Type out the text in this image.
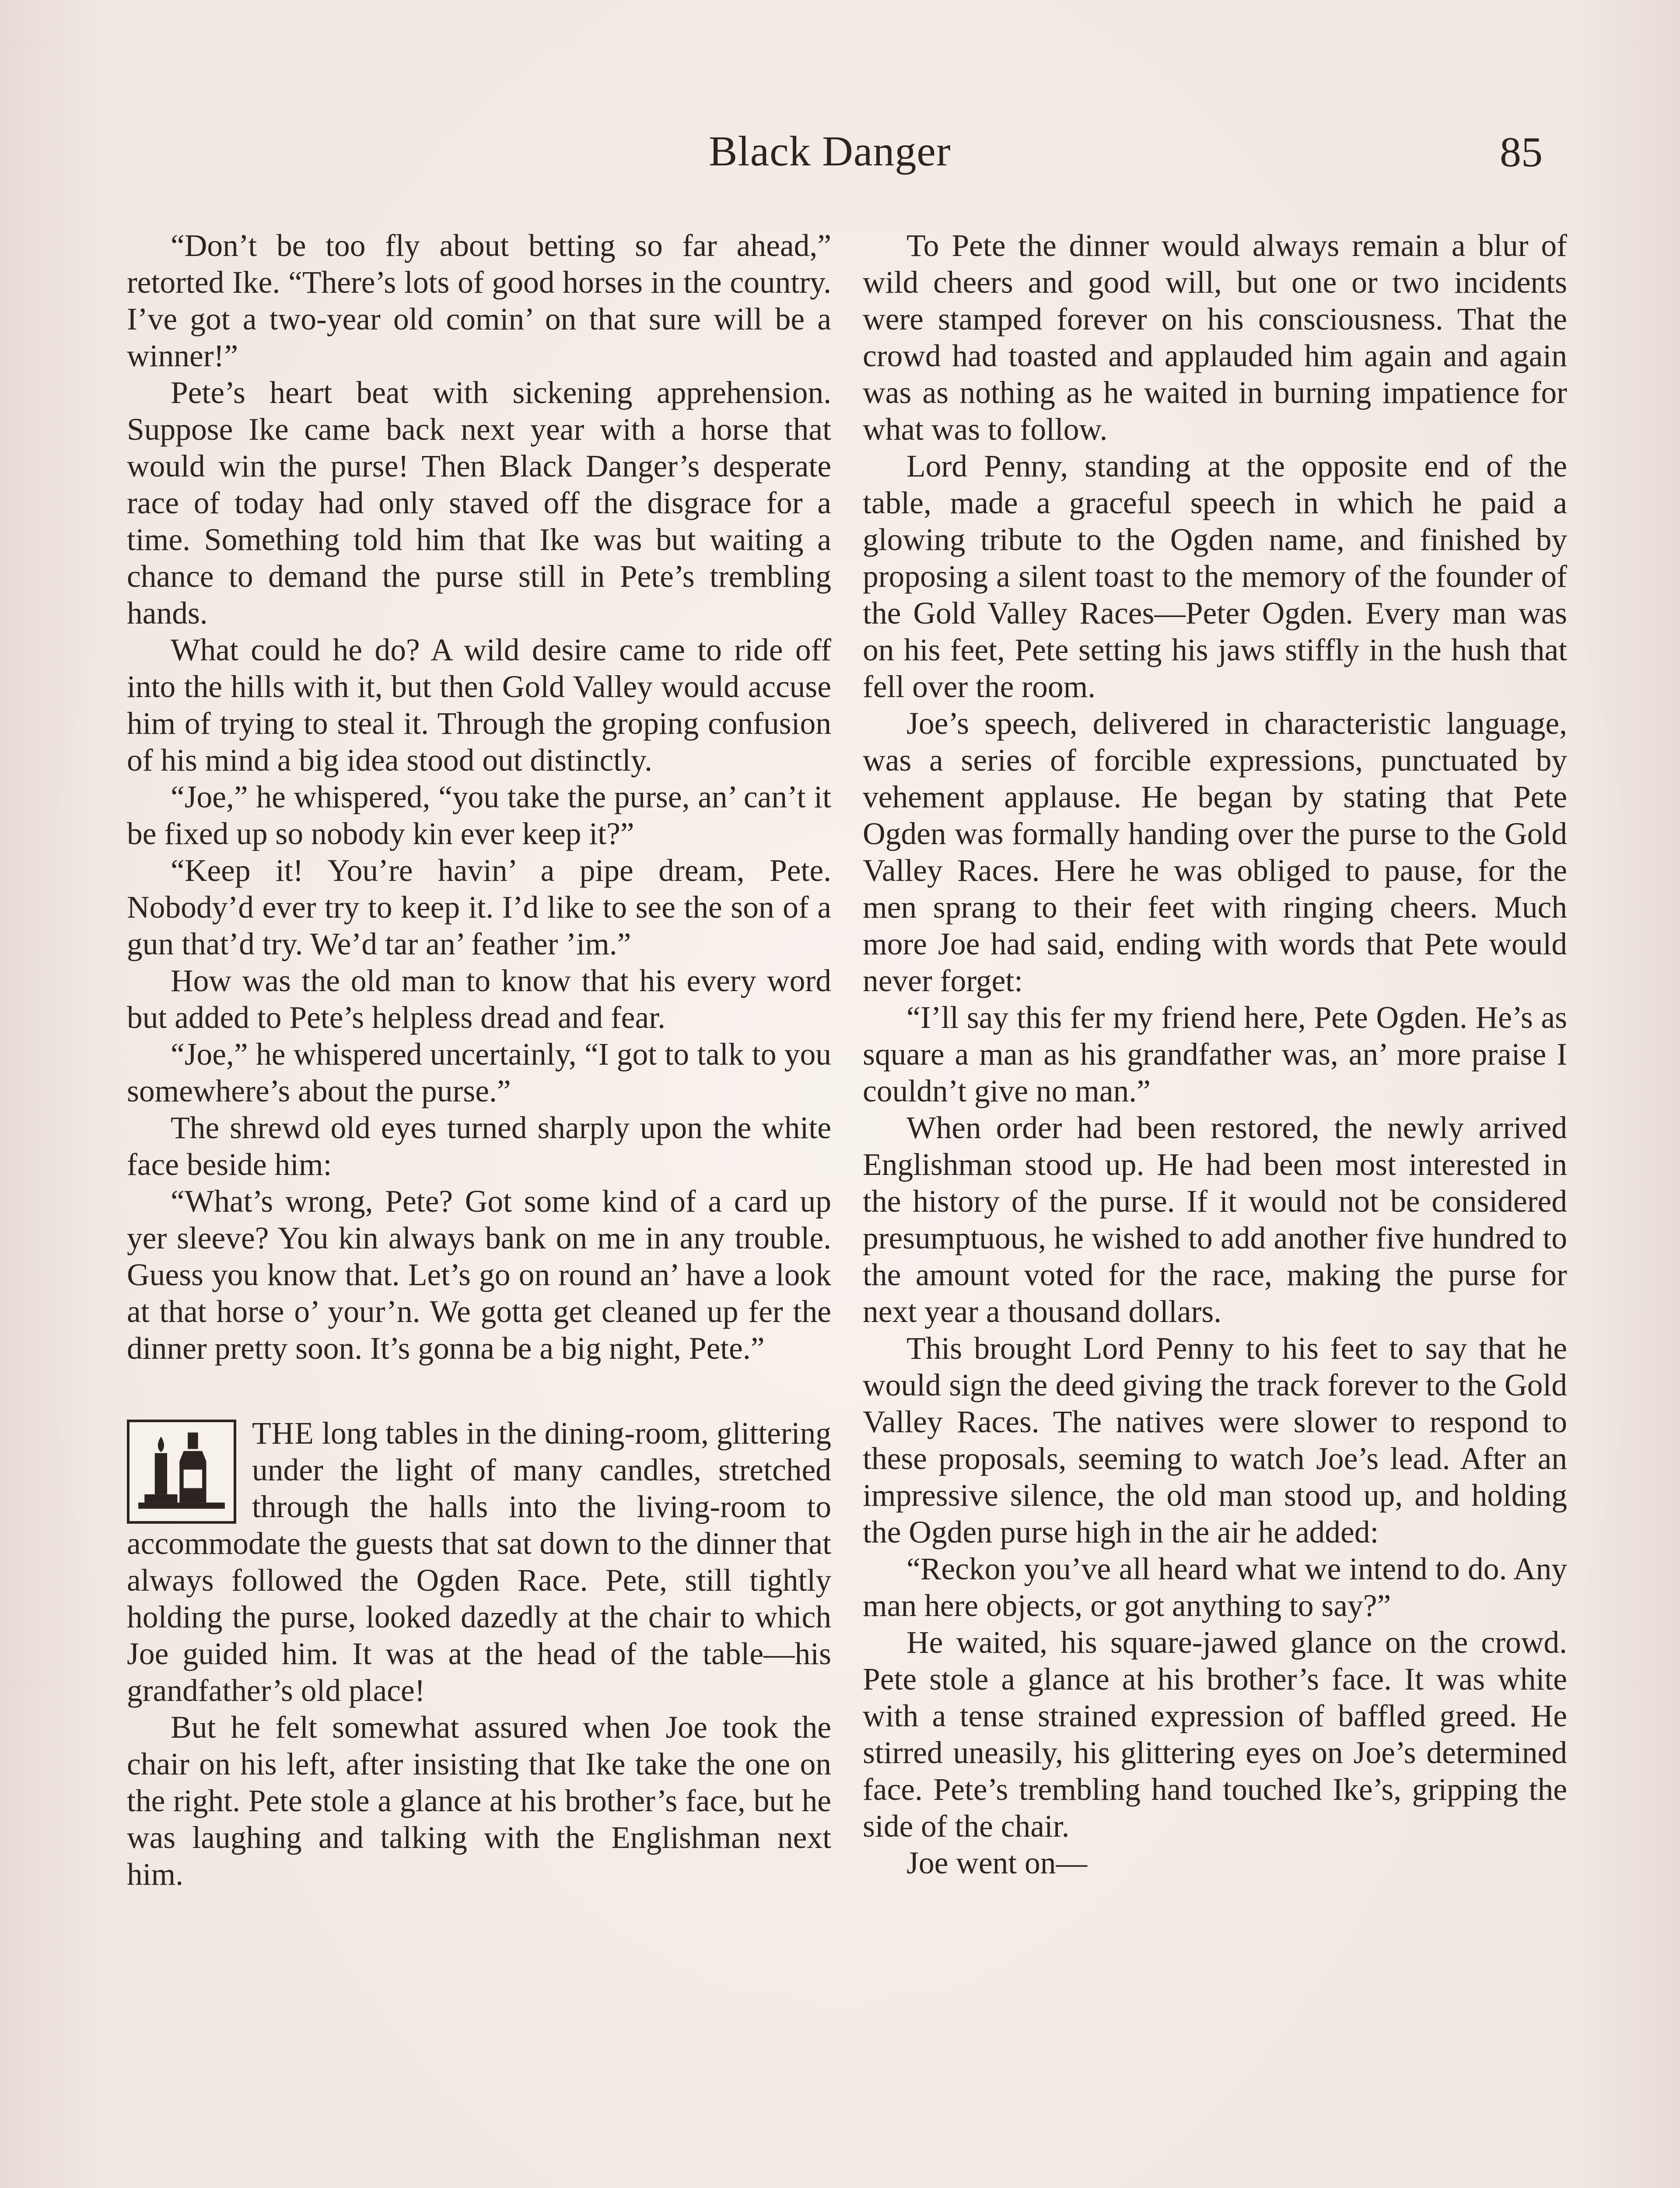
Black Danger	85

“Don’t be too fly about betting so far ahead,” retorted Ike. “There’s lots of good horses in the country. I’ve got a two-year old comin’ on that sure will be a winner!”

Pete’s heart beat with sickening apprehension. Suppose Ike came back next year with a horse that would win the purse! Then Black Danger’s desperate race of today had only staved off the disgrace for a time. Something told him that Ike was but waiting a chance to demand the purse still in Pete’s trembling hands.

What could he do? A wild desire came to ride off into the hills with it, but then Gold Valley would accuse him of trying to steal it. Through the groping confusion of his mind a big idea stood out distinctly.

“Joe,” he whispered, “you take the purse, an’ can’t it be fixed up so nobody kin ever keep it?”

“Keep it! You’re havin’ a pipe dream, Pete. Nobody’d ever try to keep it. I’d like to see the son of a gun that’d try. We’d tar an’ feather ’im.”

How was the old man to know that his every word but added to Pete’s helpless dread and fear.

“Joe,” he whispered uncertainly, “I got to talk to you somewhere’s about the purse.”

The shrewd old eyes turned sharply upon the white face beside him:

“What’s wrong, Pete? Got some kind of a card up yer sleeve? You kin always bank on me in any trouble. Guess you know that. Let’s go on round an’ have a look at that horse o’ your’n. We gotta get cleaned up fer the dinner pretty soon. It’s gonna be a big night, Pete.”

THE long tables in the dining-room, glittering under the light of many candles, stretched through the halls into the living-room to accommodate the guests that sat down to the dinner that always followed the Ogden Race. Pete, still tightly holding the purse, looked dazedly at the chair to which Joe guided him. It was at the head of the table—his grandfather’s old place!

But he felt somewhat assured when Joe took the chair on his left, after insisting that Ike take the one on the right. Pete stole a glance at his brother’s face, but he was laughing and talking with the Englishman next him.

To Pete the dinner would always remain a blur of wild cheers and good will, but one or two incidents were stamped forever on his consciousness. That the crowd had toasted and applauded him again and again was as nothing as he waited in burning impatience for what was to follow.

Lord Penny, standing at the opposite end of the table, made a graceful speech in which he paid a glowing tribute to the Ogden name, and finished by proposing a silent toast to the memory of the founder of the Gold Valley Races—Peter Ogden. Every man was on his feet, Pete setting his jaws stiffly in the hush that fell over the room.

Joe’s speech, delivered in characteristic language, was a series of forcible expressions, punctuated by vehement applause. He began by stating that Pete Ogden was formally handing over the purse to the Gold Valley Races. Here he was obliged to pause, for the men sprang to their feet with ringing cheers. Much more Joe had said, ending with words that Pete would never forget:

“I’ll say this fer my friend here, Pete Ogden. He’s as square a man as his grandfather was, an’ more praise I couldn’t give no man.”

When order had been restored, the newly arrived Englishman stood up. He had been most interested in the history of the purse. If it would not be considered presumptuous, he wished to add another five hundred to the amount voted for the race, making the purse for next year a thousand dollars.

This brought Lord Penny to his feet to say that he would sign the deed giving the track forever to the Gold Valley Races. The natives were slower to respond to these proposals, seeming to watch Joe’s lead. After an impressive silence, the old man stood up, and holding the Ogden purse high in the air he added:

“Reckon you’ve all heard what we intend to do. Any man here objects, or got anything to say?”

He waited, his square-jawed glance on the crowd. Pete stole a glance at his brother’s face. It was white with a tense strained expression of baffled greed. He stirred uneasily, his glittering eyes on Joe’s determined face. Pete’s trembling hand touched Ike’s, gripping the side of the chair.

Joe went on—
